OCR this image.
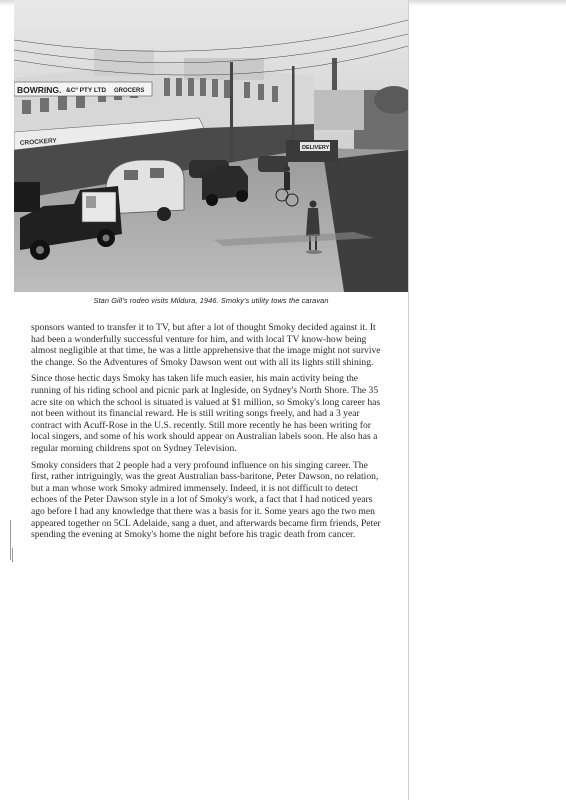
BOWRING. &Cº PTY LTD GROCERS
CROCKERY
DELIVERY
Stan Gill's rodeo visits Mildura, 1946. Smoky's utility tows the caravan

sponsors wanted to transfer it to TV, but after a lot of thought Smoky decided against it. It had been a wonderfully successful venture for him, and with local TV know-how being almost negligible at that time, he was a little apprehensive that the image might not survive the change. So the Adventures of Smoky Dawson went out with all its lights still shining.

Since those hectic days Smoky has taken life much easier, his main activity being the running of his riding school and picnic park at Ingleside, on Sydney's North Shore. The 35 acre site on which the school is situated is valued at $1 million, so Smoky's long career has not been without its financial reward. He is still writing songs freely, and had a 3 year contract with Acuff-Rose in the U.S. recently. Still more recently he has been writing for local singers, and some of his work should appear on Australian labels soon. He also has a regular morning childrens spot on Sydney Television.

Smoky considers that 2 people had a very profound influence on his singing career. The first, rather intriguingly, was the great Australian bass-baritone, Peter Dawson, no relation, but a man whose work Smoky admired immensely. Indeed, it is not difficult to detect echoes of the Peter Dawson style in a lot of Smoky's work, a fact that I had noticed years ago before I had any knowledge that there was a basis for it. Some years ago the two men appeared together on 5CL Adelaide, sang a duet, and afterwards became firm friends, Peter spending the evening at Smoky's home the night before his tragic death from cancer.
